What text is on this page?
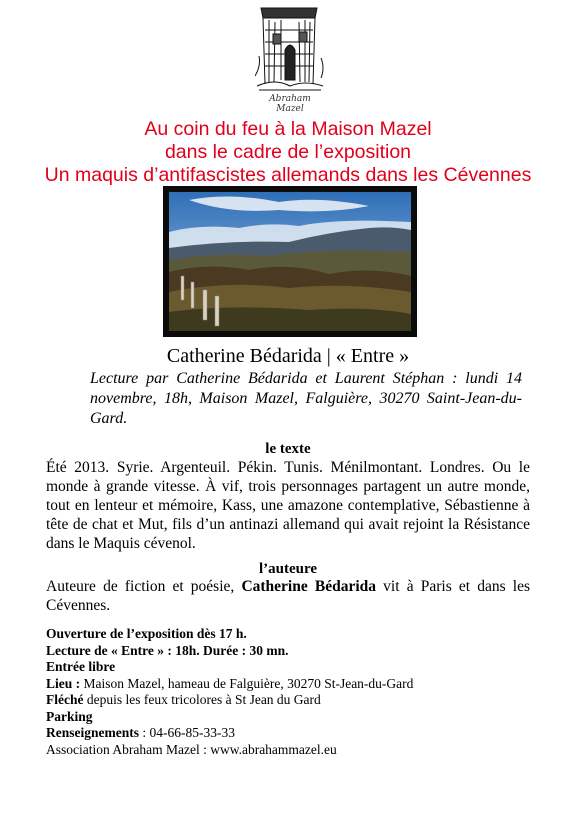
Abraham Mazel
Au coin du feu à la Maison Mazel
dans le cadre de l’exposition
Un maquis d’antifascistes allemands dans les Cévennes
Catherine Bédarida | « Entre »
Lecture par Catherine Bédarida et Laurent Stéphan : lundi 14 novembre, 18h, Maison Mazel, Falguière, 30270 Saint-Jean-du-Gard.
le texte
Été 2013. Syrie. Argenteuil. Pékin. Tunis. Ménilmontant. Londres. Ou le monde à grande vitesse. À vif, trois personnages partagent un autre monde, tout en lenteur et mémoire, Kass, une amazone contemplative, Sébastienne à tête de chat et Mut, fils d’un antinazi allemand qui avait rejoint la Résistance dans le Maquis cévenol.
l’auteure
Auteure de fiction et poésie, Catherine Bédarida vit à Paris et dans les Cévennes.
Ouverture de l’exposition dès 17 h.
Lecture de « Entre » : 18h. Durée : 30 mn.
Entrée libre
Lieu : Maison Mazel, hameau de Falguière, 30270 St-Jean-du-Gard
Fléché depuis les feux tricolores à St Jean du Gard
Parking
Renseignements : 04-66-85-33-33
Association Abraham Mazel : www.abrahammazel.eu
